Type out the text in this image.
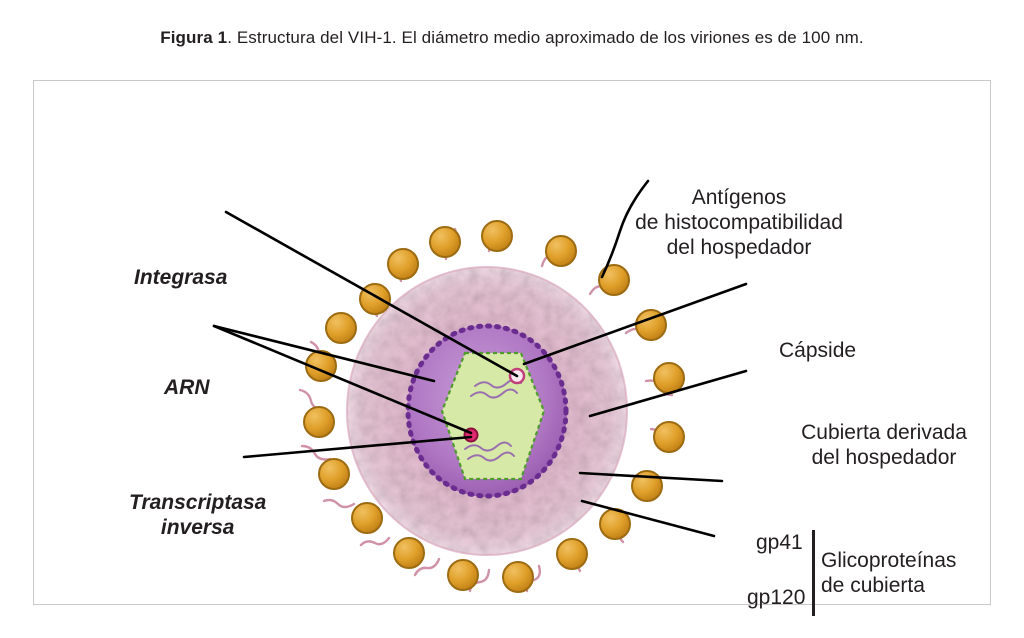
Figura 1. Estructura del VIH-1. El diámetro medio aproximado de los viriones es de 100 nm.
Integrasa
ARN
Transcriptasa
inversa
Antígenos
de histocompatibilidad
del hospedador
Cápside
Cubierta derivada
del hospedador
gp41
gp120
Glicoproteínas
de cubierta
